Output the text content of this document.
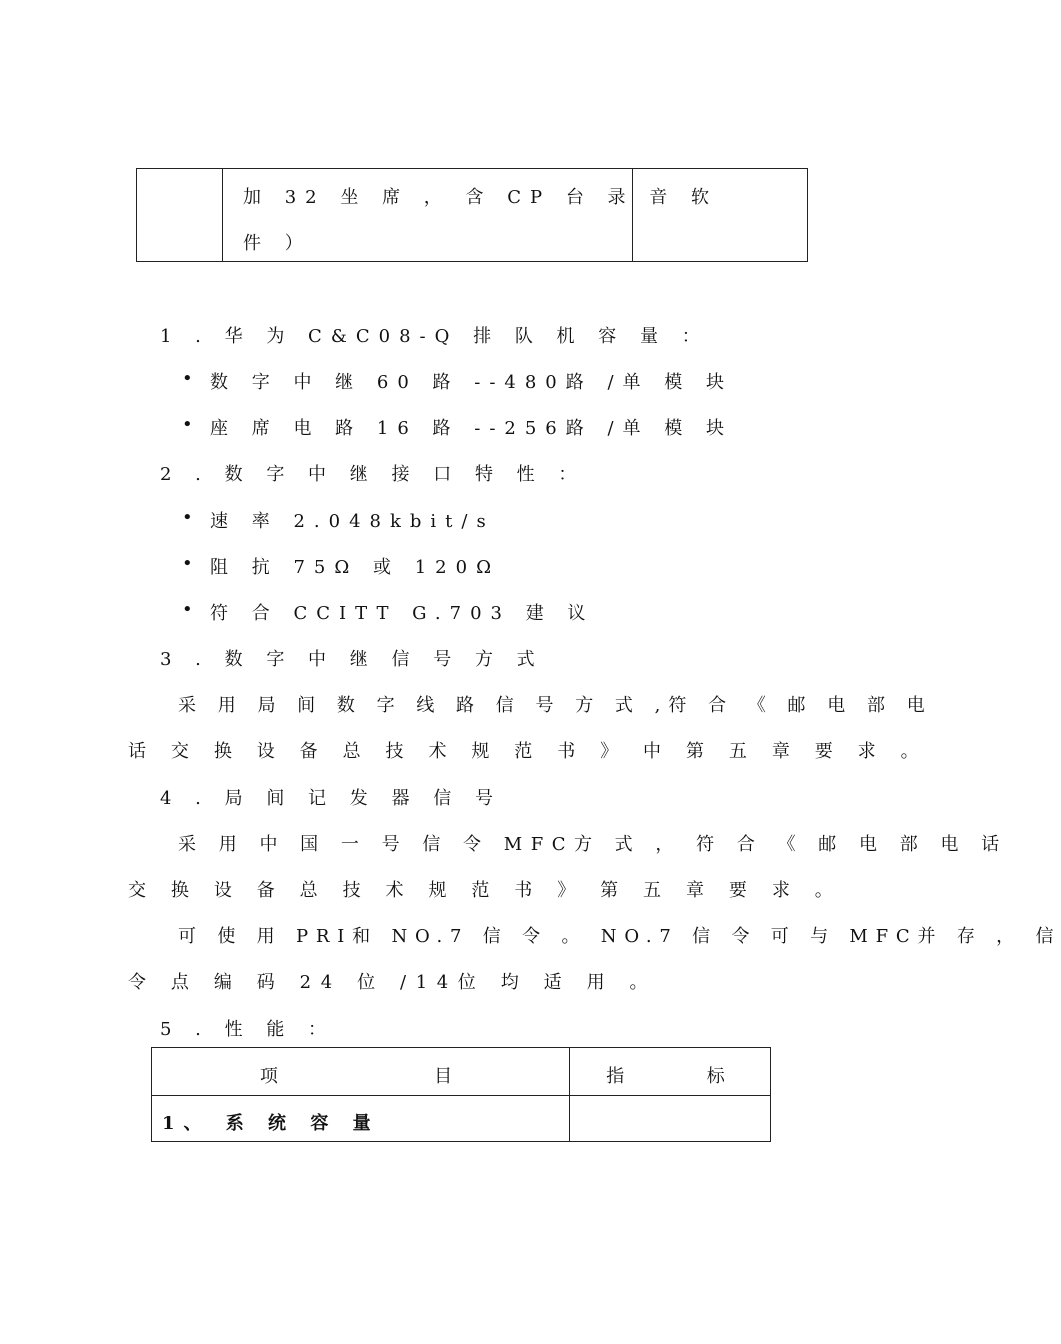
加 32 坐 席 ， 含 CP 台 录 音 软
件 ）
1 . 华 为 C&C08-Q 排 队 机 容 量 ：
• 数 字 中 继 60 路 --480路 /单 模 块
• 座 席 电 路 16 路 --256路 /单 模 块
2 . 数 字 中 继 接 口 特 性 ：
• 速 率 2.048kbit/s
• 阻 抗 75Ω 或 120Ω
• 符 合 CCITT G.703 建 议
3 . 数 字 中 继 信 号 方 式
采 用 局 间 数 字 线 路 信 号 方 式 ,符 合 《 邮 电 部 电
话 交 换 设 备 总 技 术 规 范 书 》 中 第 五 章 要 求 。
4 . 局 间 记 发 器 信 号
采 用 中 国 一 号 信 令 MFC方 式 ， 符 合 《 邮 电 部 电 话
交 换 设 备 总 技 术 规 范 书 》 第 五 章 要 求 。
可 使 用 PRI和 NO.7 信 令 。 NO.7 信 令 可 与 MFC并 存 ， 信
令 点 编 码 24 位 /14位 均 适 用 。
5 . 性 能 ：
项          目	指     标
1、 系 统 容 量
